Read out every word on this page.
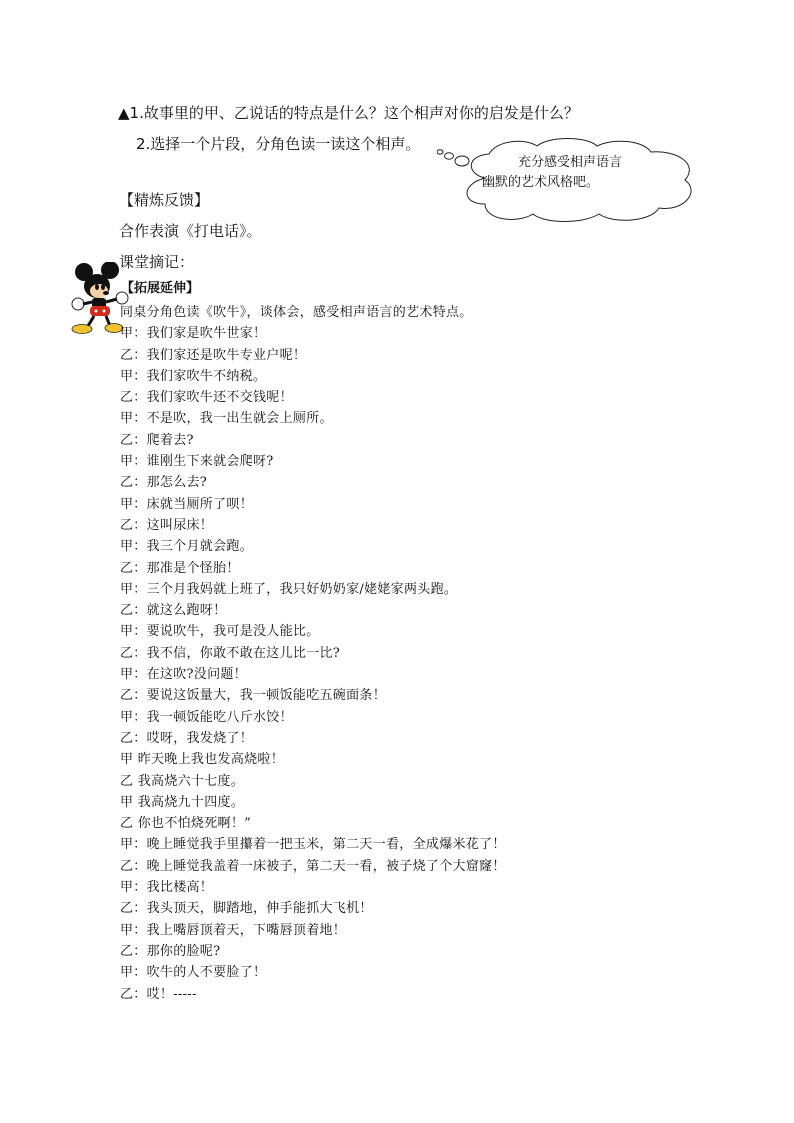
▲1.故事里的甲、乙说话的特点是什么？这个相声对你的启发是什么？
2.选择一个片段，分角色读一读这个相声。
充分感受相声语言
幽默的艺术风格吧。
【精炼反馈】
合作表演《打电话》。
课堂摘记：
【拓展延伸】
同桌分角色读《吹牛》，谈体会，感受相声语言的艺术特点。
甲：我们家是吹牛世家！
乙：我们家还是吹牛专业户呢！
甲：我们家吹牛不纳税。
乙：我们家吹牛还不交钱呢！
甲：不是吹，我一出生就会上厕所。
乙：爬着去?
甲：谁刚生下来就会爬呀?
乙：那怎么去?
甲：床就当厕所了呗！
乙：这叫尿床！
甲：我三个月就会跑。
乙：那准是个怪胎！
甲：三个月我妈就上班了，我只好奶奶家/姥姥家两头跑。
乙：就这么跑呀！
甲：要说吹牛，我可是没人能比。
乙：我不信，你敢不敢在这儿比一比?
甲：在这吹?没问题！
乙：要说这饭量大，我一顿饭能吃五碗面条！
甲：我一顿饭能吃八斤水饺！
乙：哎呀，我发烧了！
甲 昨天晚上我也发高烧啦！
乙 我高烧六十七度。
甲 我高烧九十四度。
乙 你也不怕烧死啊！”
甲：晚上睡觉我手里攥着一把玉米，第二天一看，全成爆米花了！
乙：晚上睡觉我盖着一床被子，第二天一看，被子烧了个大窟窿！
甲：我比楼高！
乙：我头顶天，脚踏地，伸手能抓大飞机！
甲：我上嘴唇顶着天，下嘴唇顶着地！
乙：那你的脸呢?
甲：吹牛的人不要脸了！
乙：哎！-----
